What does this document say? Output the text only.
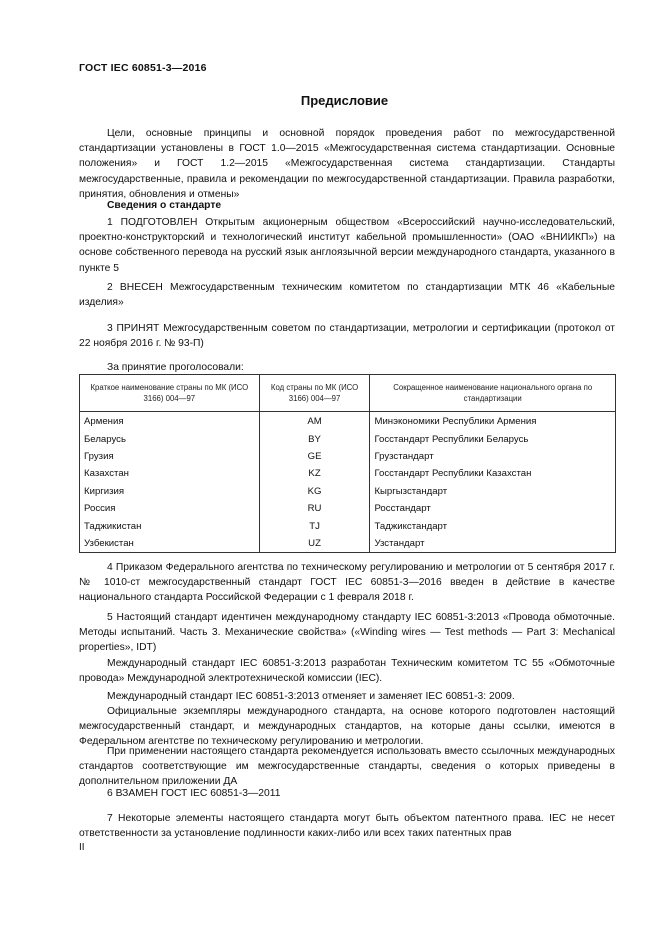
ГОСТ IEC 60851-3—2016
Предисловие

Цели, основные принципы и основной порядок проведения работ по межгосударственной стандартизации установлены в ГОСТ 1.0—2015 «Межгосударственная система стандартизации. Основные положения» и ГОСТ 1.2—2015 «Межгосударственная система стандартизации. Стандарты межгосударственные, правила и рекомендации по межгосударственной стандартизации. Правила разработки, принятия, обновления и отмены»

Сведения о стандарте

1 ПОДГОТОВЛЕН Открытым акционерным обществом «Всероссийский научно-исследовательский, проектно-конструкторский и технологический институт кабельной промышленности» (ОАО «ВНИИКП») на основе собственного перевода на русский язык англоязычной версии международного стандарта, указанного в пункте 5

2 ВНЕСЕН Межгосударственным техническим комитетом по стандартизации МТК 46 «Кабельные изделия»

3 ПРИНЯТ Межгосударственным советом по стандартизации, метрологии и сертификации (протокол от 22 ноября 2016 г. № 93-П)

За принятие проголосовали:

Краткое наименование страны по МК (ИСО 3166) 004—97	Код страны по МК (ИСО 3166) 004—97	Сокращенное наименование национального органа по стандартизации
Армения	AM	Минэкономики Республики Армения
Беларусь	BY	Госстандарт Республики Беларусь
Грузия	GE	Грузстандарт
Казахстан	KZ	Госстандарт Республики Казахстан
Киргизия	KG	Кыргызстандарт
Россия	RU	Росстандарт
Таджикистан	TJ	Таджикстандарт
Узбекистан	UZ	Узстандарт

4 Приказом Федерального агентства по техническому регулированию и метрологии от 5 сентября 2017 г. № 1010-ст межгосударственный стандарт ГОСТ IEC 60851-3—2016 введен в действие в качестве национального стандарта Российской Федерации с 1 февраля 2018 г.

5 Настоящий стандарт идентичен международному стандарту IEC 60851-3:2013 «Провода обмоточные. Методы испытаний. Часть 3. Механические свойства» («Winding wires — Test methods — Part 3: Mechanical properties», IDT)

Международный стандарт IEC 60851-3:2013 разработан Техническим комитетом ТС 55 «Обмоточные провода» Международной электротехнической комиссии (IEC).

Международный стандарт IEC 60851-3:2013 отменяет и заменяет IEC 60851-3: 2009.

Официальные экземпляры международного стандарта, на основе которого подготовлен настоящий межгосударственный стандарт, и международных стандартов, на которые даны ссылки, имеются в Федеральном агентстве по техническому регулированию и метрологии.

При применении настоящего стандарта рекомендуется использовать вместо ссылочных международных стандартов соответствующие им межгосударственные стандарты, сведения о которых приведены в дополнительном приложении ДА

6 ВЗАМЕН ГОСТ IEC 60851-3—2011

7 Некоторые элементы настоящего стандарта могут быть объектом патентного права. IEC не несет ответственности за установление подлинности каких-либо или всех таких патентных прав

II
